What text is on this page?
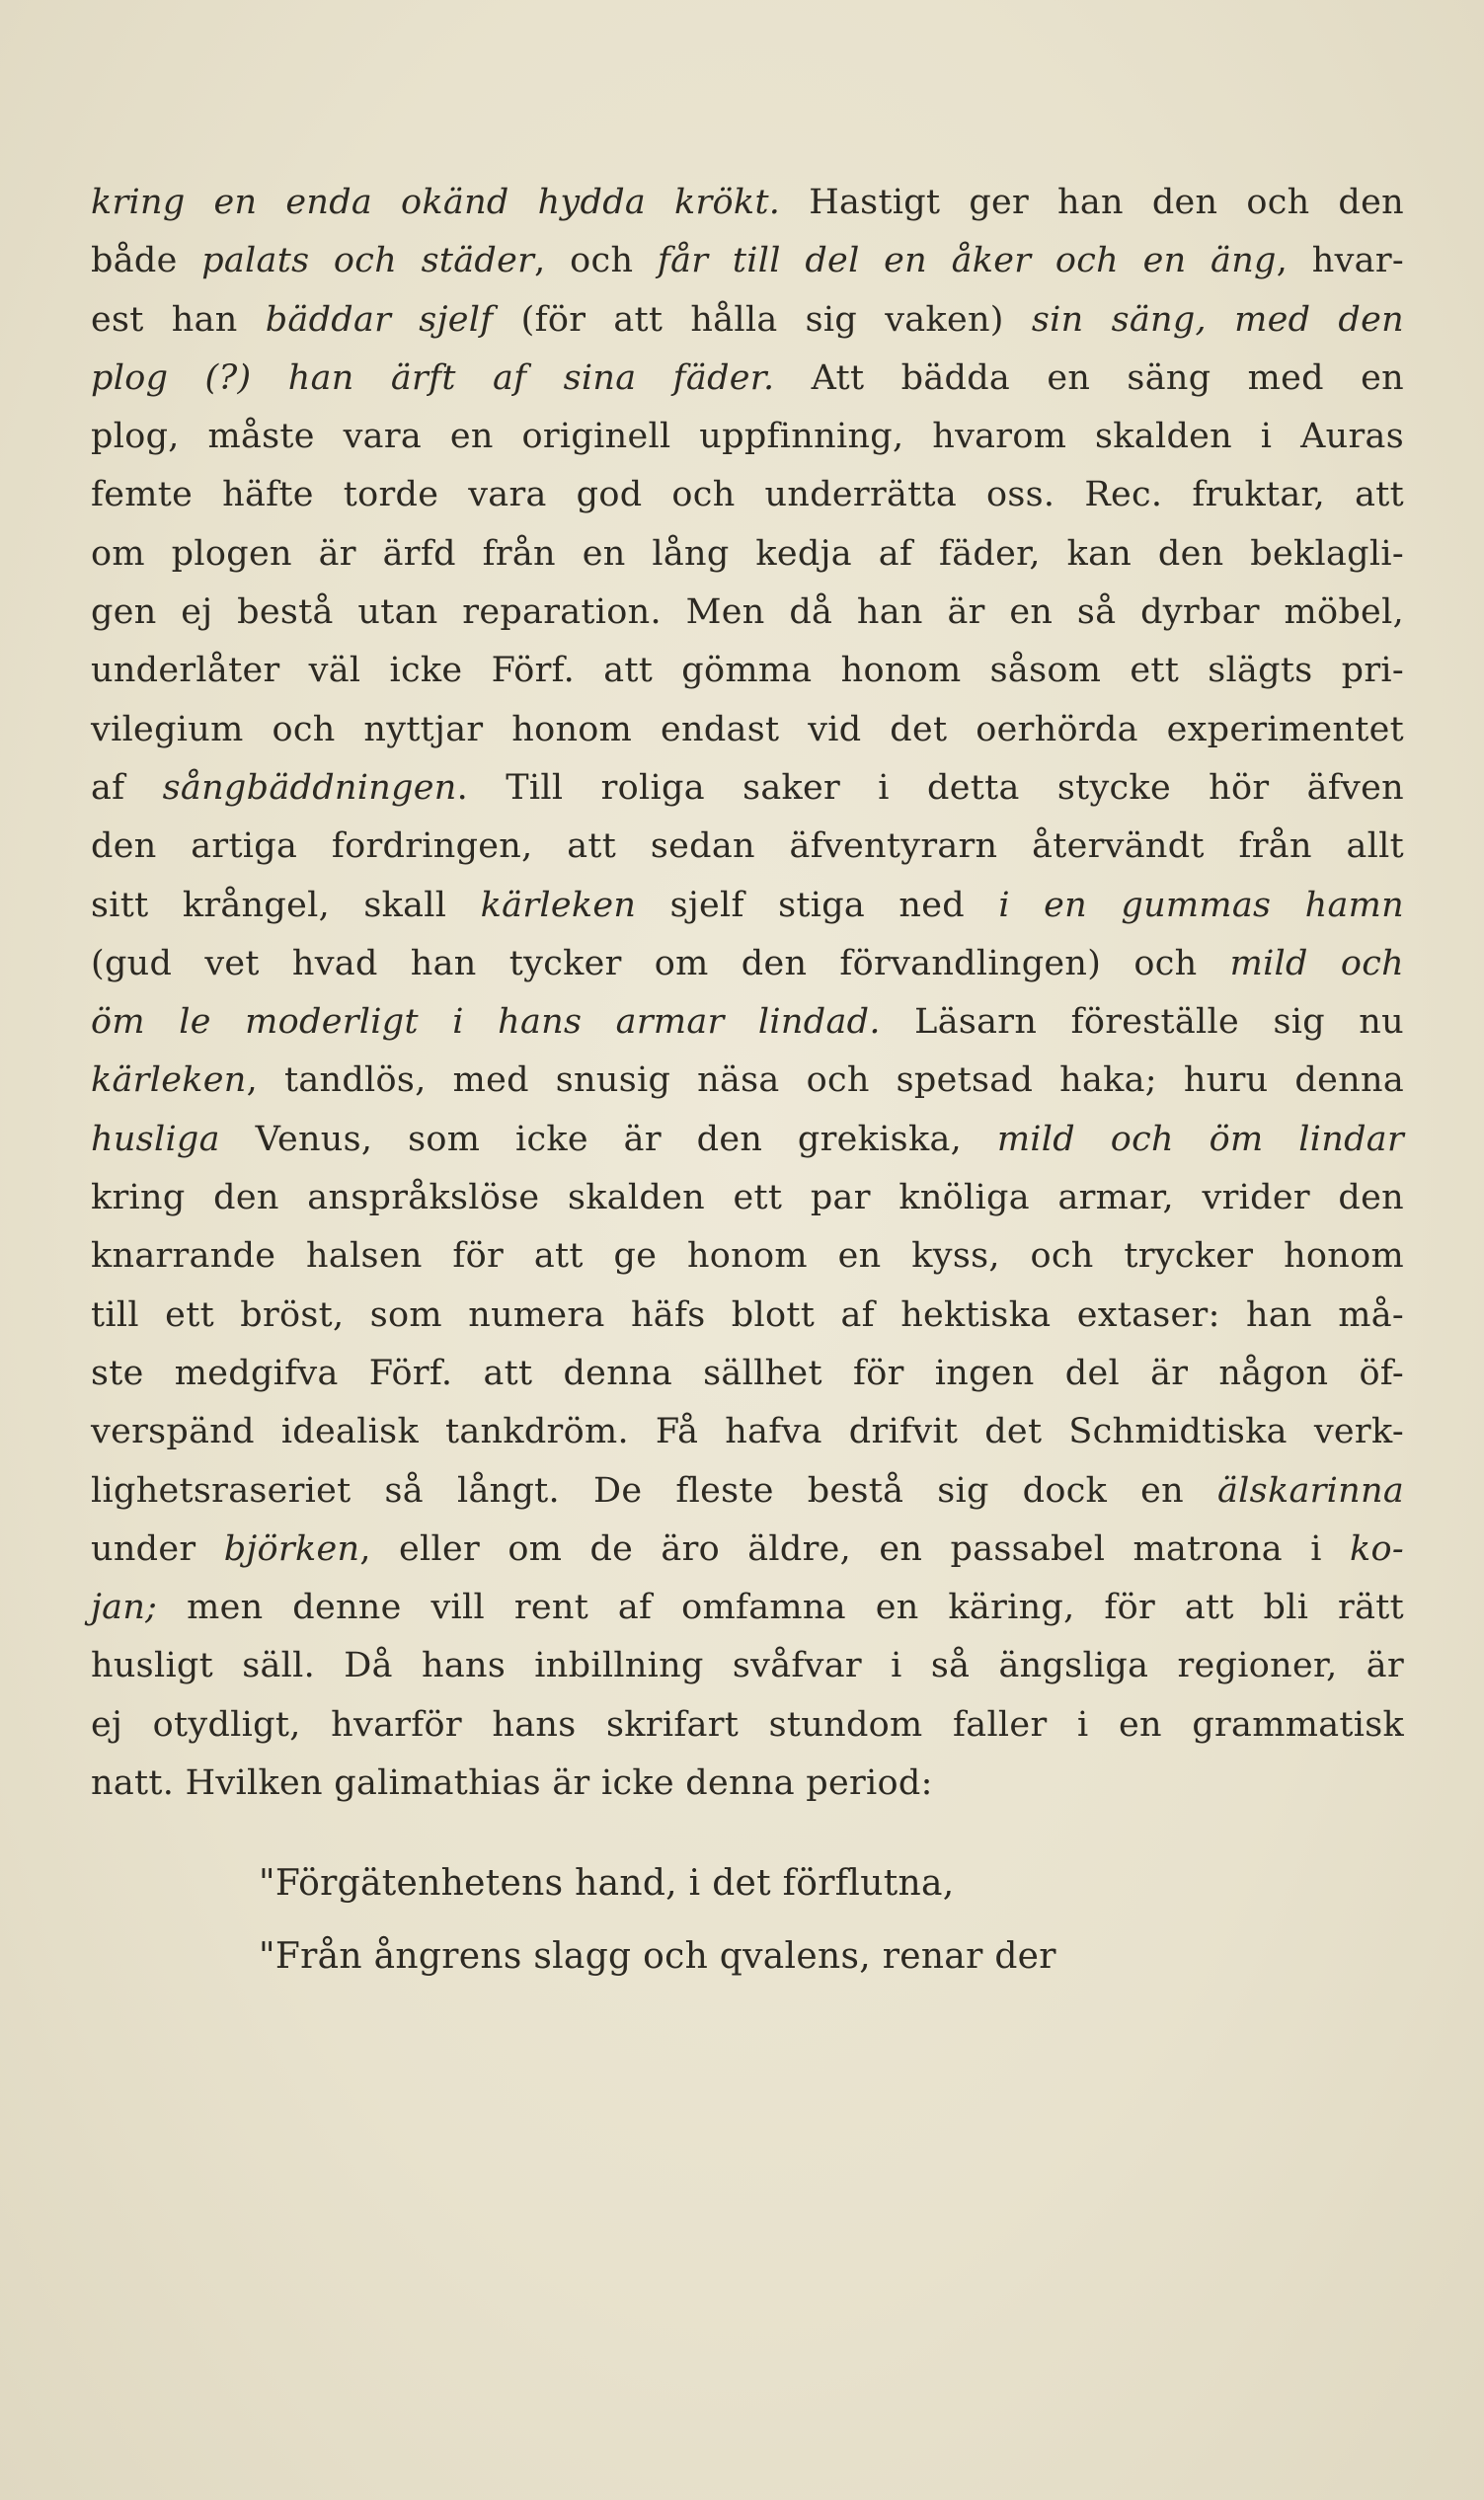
kring en enda okänd hydda krökt. Hastigt ger han den och den
både palats och städer, och får till del en åker och en äng, hvar-
est han bäddar sjelf (för att hålla sig vaken) sin säng, med den
plog (?) han ärft af sina fäder. Att bädda en säng med en
plog, måste vara en originell uppfinning, hvarom skalden i Auras
femte häfte torde vara god och underrätta oss. Rec. fruktar, att
om plogen är ärfd från en lång kedja af fäder, kan den beklagli-
gen ej bestå utan reparation. Men då han är en så dyrbar möbel,
underlåter väl icke Förf. att gömma honom såsom ett slägts pri-
vilegium och nyttjar honom endast vid det oerhörda experimentet
af sångbäddningen. Till roliga saker i detta stycke hör äfven
den artiga fordringen, att sedan äfventyrarn återvändt från allt
sitt krångel, skall kärleken sjelf stiga ned i en gummas hamn
(gud vet hvad han tycker om den förvandlingen) och mild och
öm le moderligt i hans armar lindad. Läsarn föreställe sig nu
kärleken, tandlös, med snusig näsa och spetsad haka; huru denna
husliga Venus, som icke är den grekiska, mild och öm lindar
kring den anspråkslöse skalden ett par knöliga armar, vrider den
knarrande halsen för att ge honom en kyss, och trycker honom
till ett bröst, som numera häfs blott af hektiska extaser: han må-
ste medgifva Förf. att denna sällhet för ingen del är någon öf-
verspänd idealisk tankdröm. Få hafva drifvit det Schmidtiska verk-
lighetsraseriet så långt. De fleste bestå sig dock en älskarinna
under björken, eller om de äro äldre, en passabel matrona i ko-
jan; men denne vill rent af omfamna en käring, för att bli rätt
husligt säll. Då hans inbillning svåfvar i så ängsliga regioner, är
ej otydligt, hvarför hans skrifart stundom faller i en grammatisk
natt. Hvilken galimathias är icke denna period:
"Förgätenhetens hand, i det förflutna,
"Från ångrens slagg och qvalens, renar der
